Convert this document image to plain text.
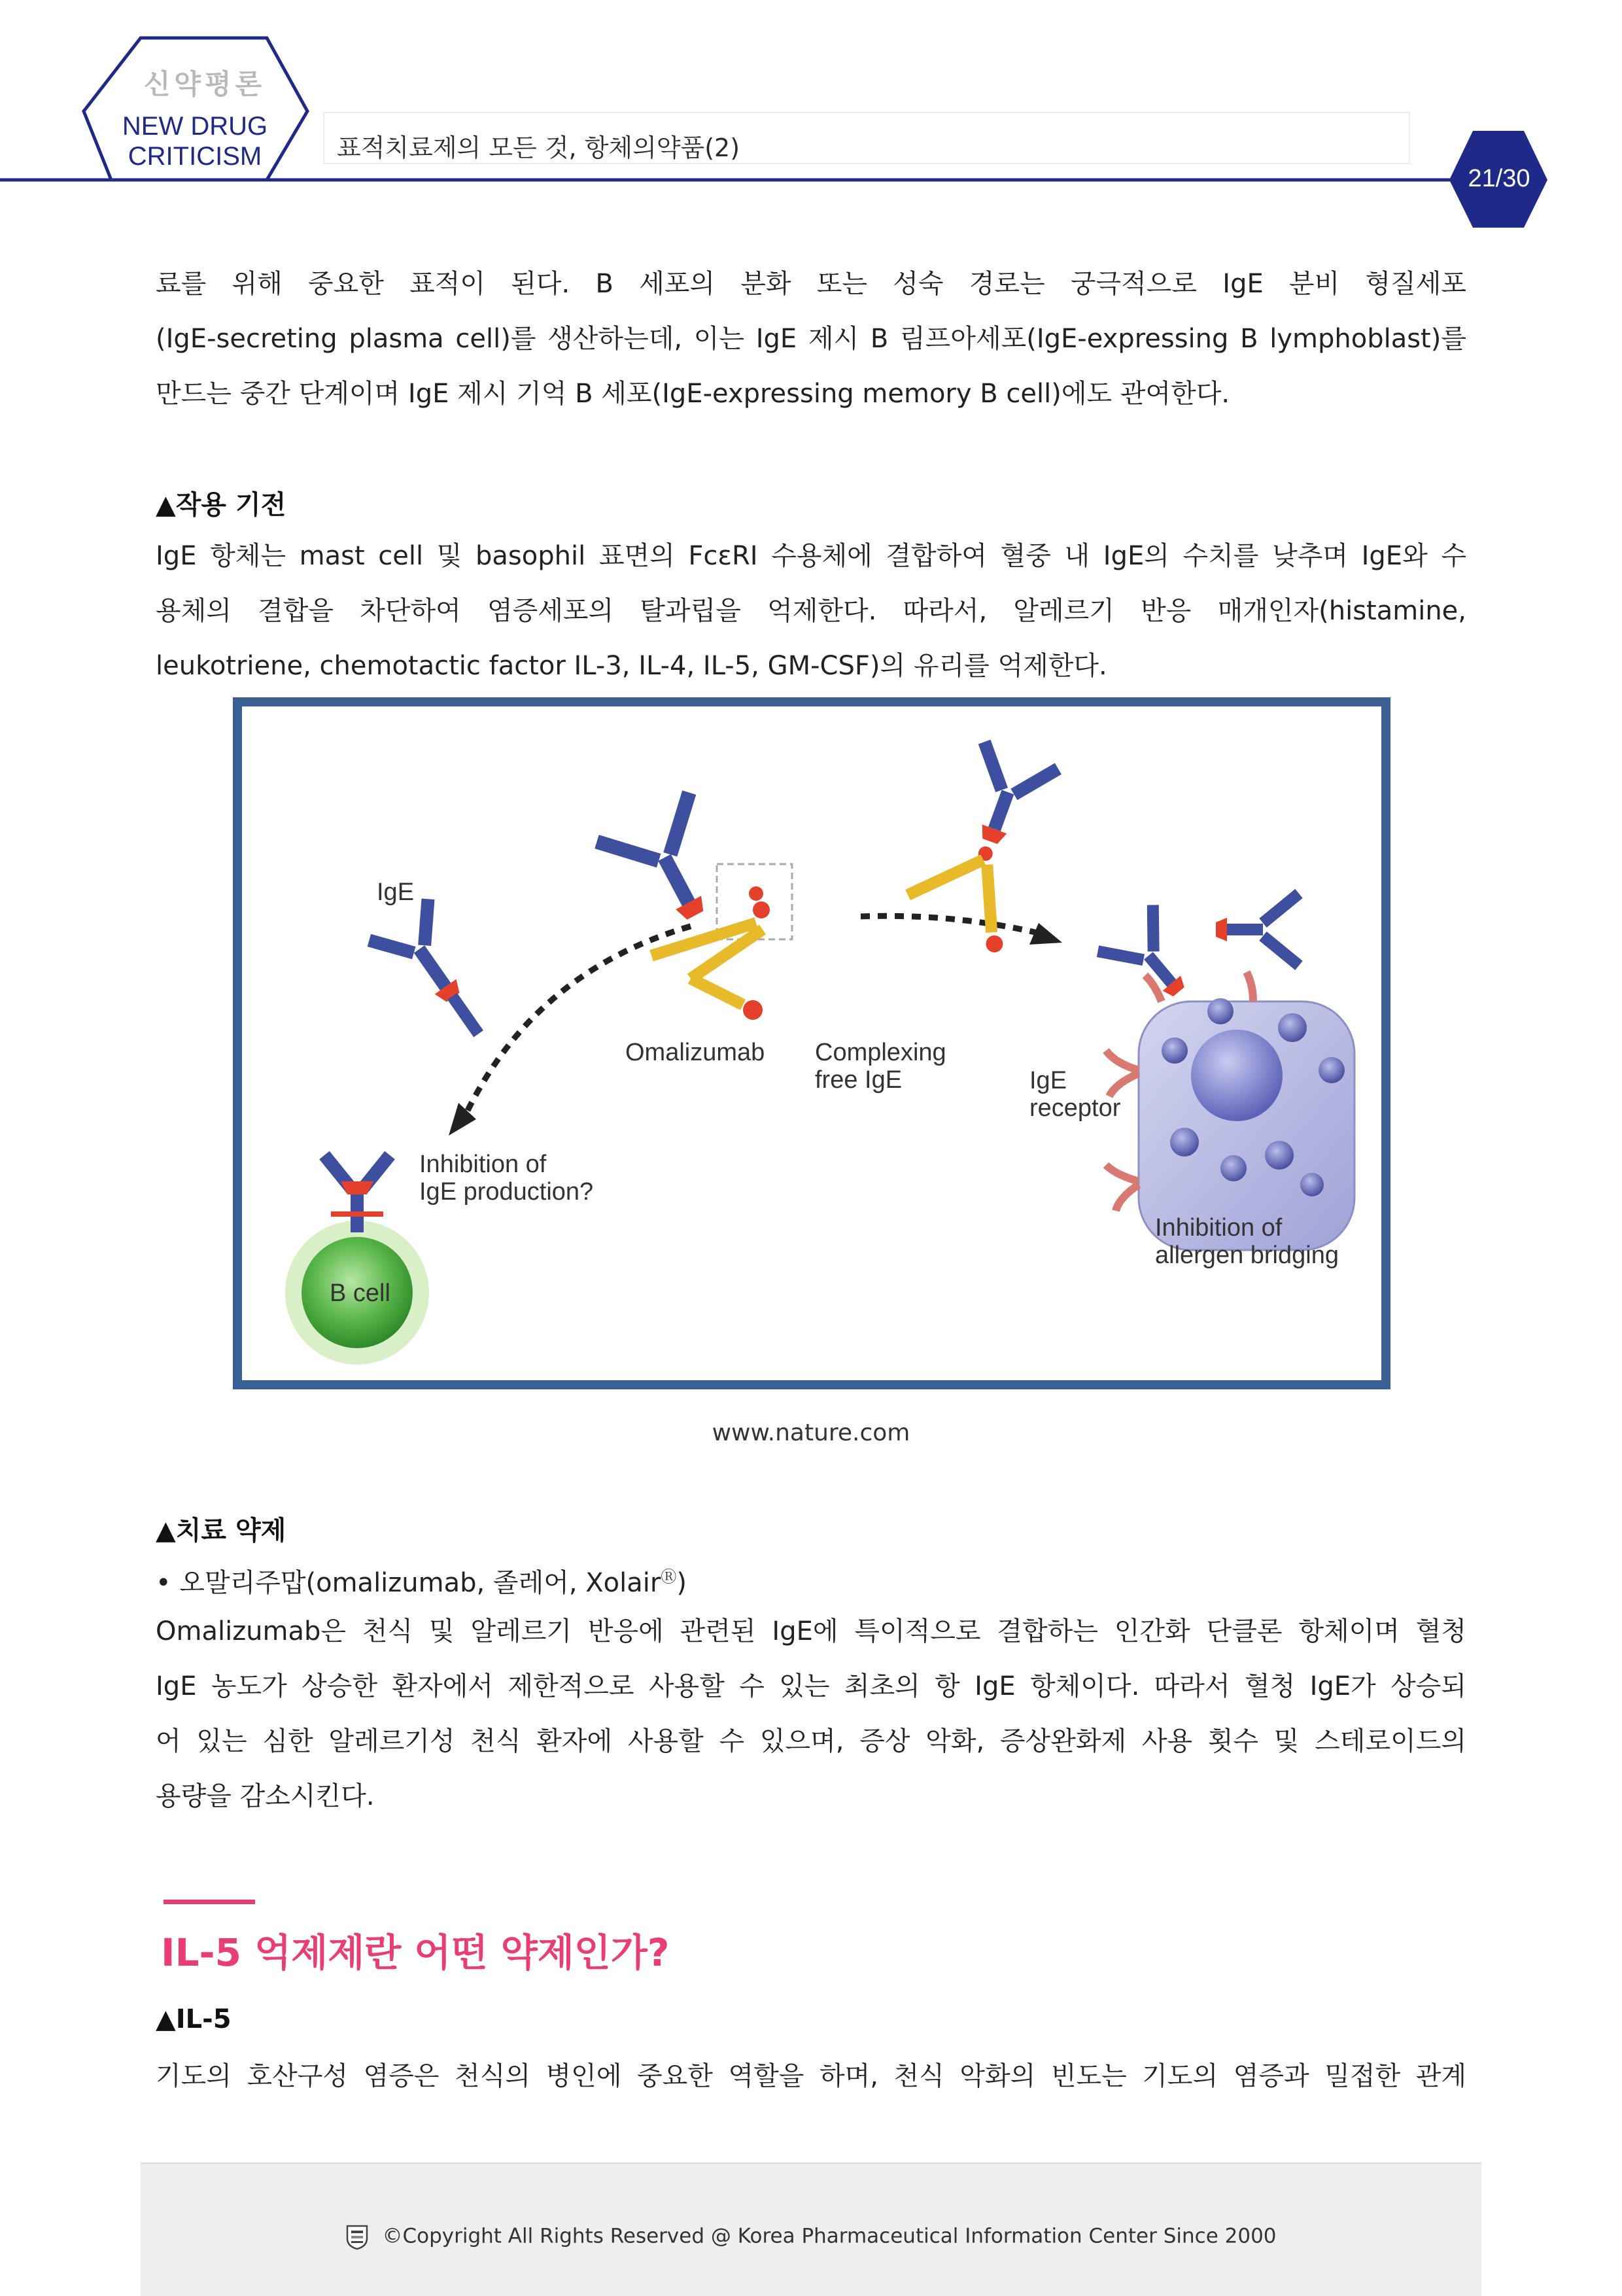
신약평론
NEW DRUG
CRITICISM	표적치료제의 모든 것, 항체의약품(2)
21/30
료를 위해 중요한 표적이 된다. B 세포의 분화 또는 성숙 경로는 궁극적으로 IgE 분비 형질세포
(IgE-secreting plasma cell)를 생산하는데, 이는 IgE 제시 B 림프아세포(IgE-expressing B lymphoblast)를
만드는 중간 단계이며 IgE 제시 기억 B 세포(IgE-expressing memory B cell)에도 관여한다.
▲작용 기전
IgE 항체는 mast cell 및 basophil 표면의 FcεRI 수용체에 결합하여 혈중 내 IgE의 수치를 낮추며 IgE와 수
용체의 결합을 차단하여 염증세포의 탈과립을 억제한다. 따라서, 알레르기 반응 매개인자(histamine,
leukotriene, chemotactic factor IL-3, IL-4, IL-5, GM-CSF)의 유리를 억제한다.
IgE
Omalizumab Complexing
free IgE	IgE
receptor
Inhibition of
IgE production?
B cell
Inhibition of
allergen bridging
www.nature.com
▲치료 약제
• 오말리주맙(omalizumab, 졸레어, XolairⓇ)
Omalizumab은 천식 및 알레르기 반응에 관련된 IgE에 특이적으로 결합하는 인간화 단클론 항체이며 혈청
IgE 농도가 상승한 환자에서 제한적으로 사용할 수 있는 최초의 항 IgE 항체이다. 따라서 혈청 IgE가 상승되
어 있는 심한 알레르기성 천식 환자에 사용할 수 있으며, 증상 악화, 증상완화제 사용 횟수 및 스테로이드의
용량을 감소시킨다.
IL-5 억제제란 어떤 약제인가?
▲IL-5
기도의 호산구성 염증은 천식의 병인에 중요한 역할을 하며, 천식 악화의 빈도는 기도의 염증과 밀접한 관계
©Copyright All Rights Reserved @ Korea Pharmaceutical Information Center Since 2000
